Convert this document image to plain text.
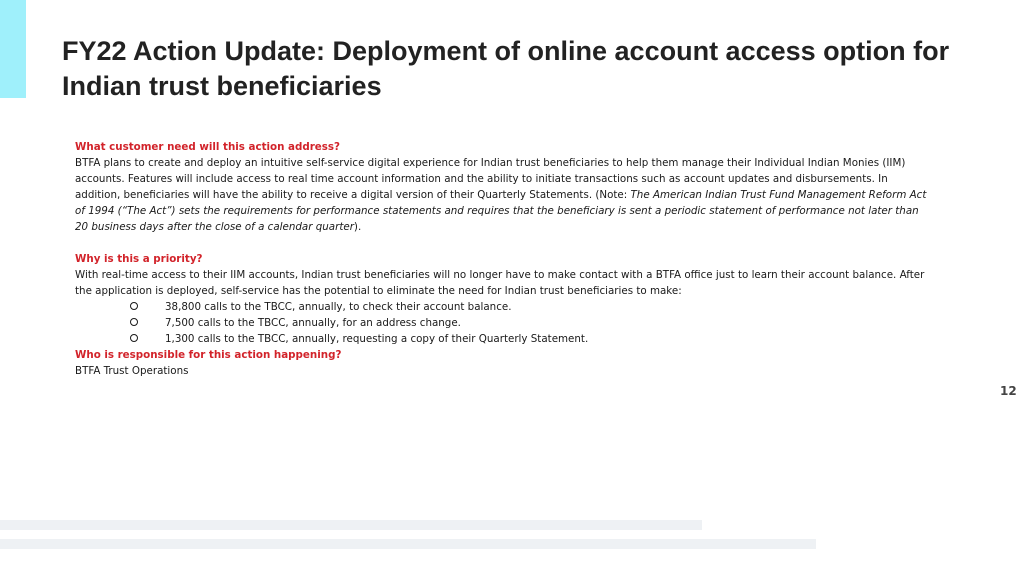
FY22 Action Update: Deployment of online account access option for Indian trust beneficiaries
What customer need will this action address?

BTFA plans to create and deploy an intuitive self-service digital experience for Indian trust beneficiaries to help them manage their Individual Indian Monies (IIM) accounts. Features will include access to real time account information and the ability to initiate transactions such as account updates and disbursements. In addition, beneficiaries will have the ability to receive a digital version of their Quarterly Statements. (Note: The American Indian Trust Fund Management Reform Act of 1994 (“The Act”) sets the requirements for performance statements and requires that the beneficiary is sent a periodic statement of performance not later than 20 business days after the close of a calendar quarter).

Why is this a priority?

With real-time access to their IIM accounts, Indian trust beneficiaries will no longer have to make contact with a BTFA office just to learn their account balance. After the application is deployed, self-service has the potential to eliminate the need for Indian trust beneficiaries to make:

38,800 calls to the TBCC, annually, to check their account balance.
7,500 calls to the TBCC, annually, for an address change.
1,300 calls to the TBCC, annually, requesting a copy of their Quarterly Statement.
Who is responsible for this action happening?

BTFA Trust Operations

12
